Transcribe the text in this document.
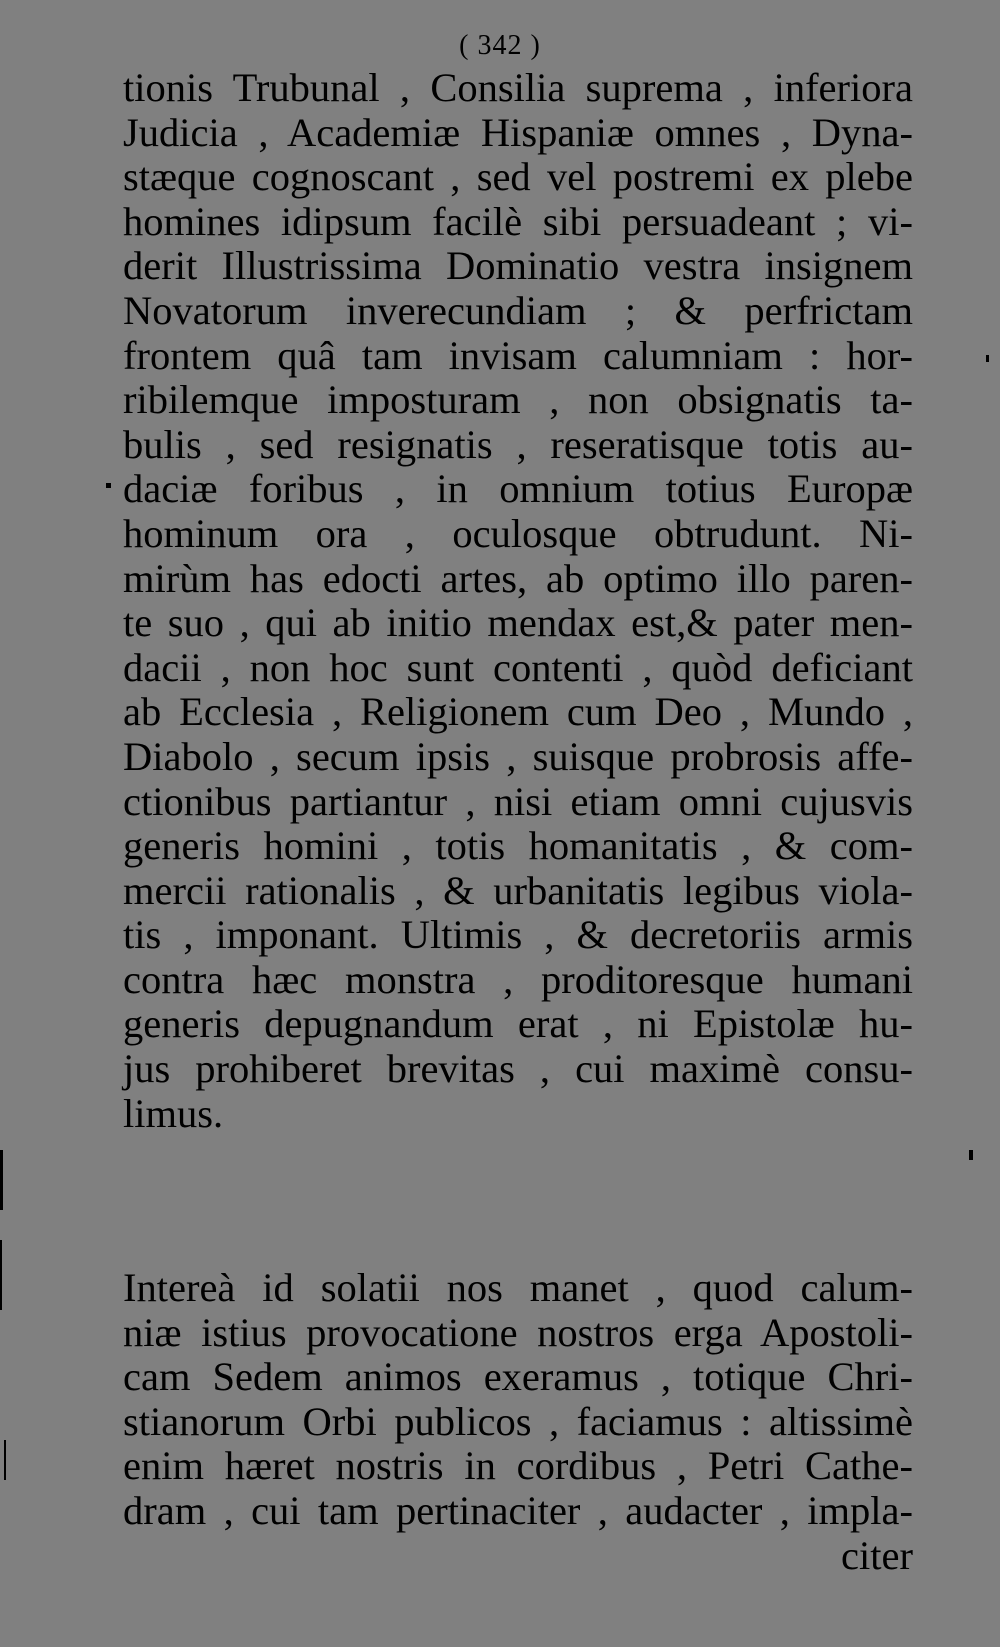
( 342 )
tionis Trubunal , Consilia suprema , inferiora
Judicia , Academiæ Hispaniæ omnes , Dyna-
stæque cognoscant , sed vel postremi ex plebe
homines idipsum facilè sibi persuadeant ; vi-
derit Illustrissima Dominatio vestra insignem
Novatorum inverecundiam ; & perfrictam
frontem quâ tam invisam calumniam : hor-
ribilemque imposturam , non obsignatis ta-
bulis , sed resignatis , reseratisque totis au-
daciæ foribus , in omnium totius Europæ
hominum ora , oculosque obtrudunt. Ni-
mirùm has edocti artes, ab optimo illo paren-
te suo , qui ab initio mendax est,& pater men-
dacii , non hoc sunt contenti , quòd deficiant
ab Ecclesia , Religionem cum Deo , Mundo ,
Diabolo , secum ipsis , suisque probrosis affe-
ctionibus partiantur , nisi etiam omni cujusvis
generis homini , totis homanitatis , & com-
mercii rationalis , & urbanitatis legibus viola-
tis , imponant. Ultimis , & decretoriis armis
contra hæc monstra , proditoresque humani
generis depugnandum erat , ni Epistolæ hu-
jus prohiberet brevitas , cui maximè consu-
limus.
Intereà id solatii nos manet , quod calum-
niæ istius provocatione nostros erga Apostoli-
cam Sedem animos exeramus , totique Chri-
stianorum Orbi publicos , faciamus : altissimè
enim hæret nostris in cordibus , Petri Cathe-
dram , cui tam pertinaciter , audacter , impla-
citer
